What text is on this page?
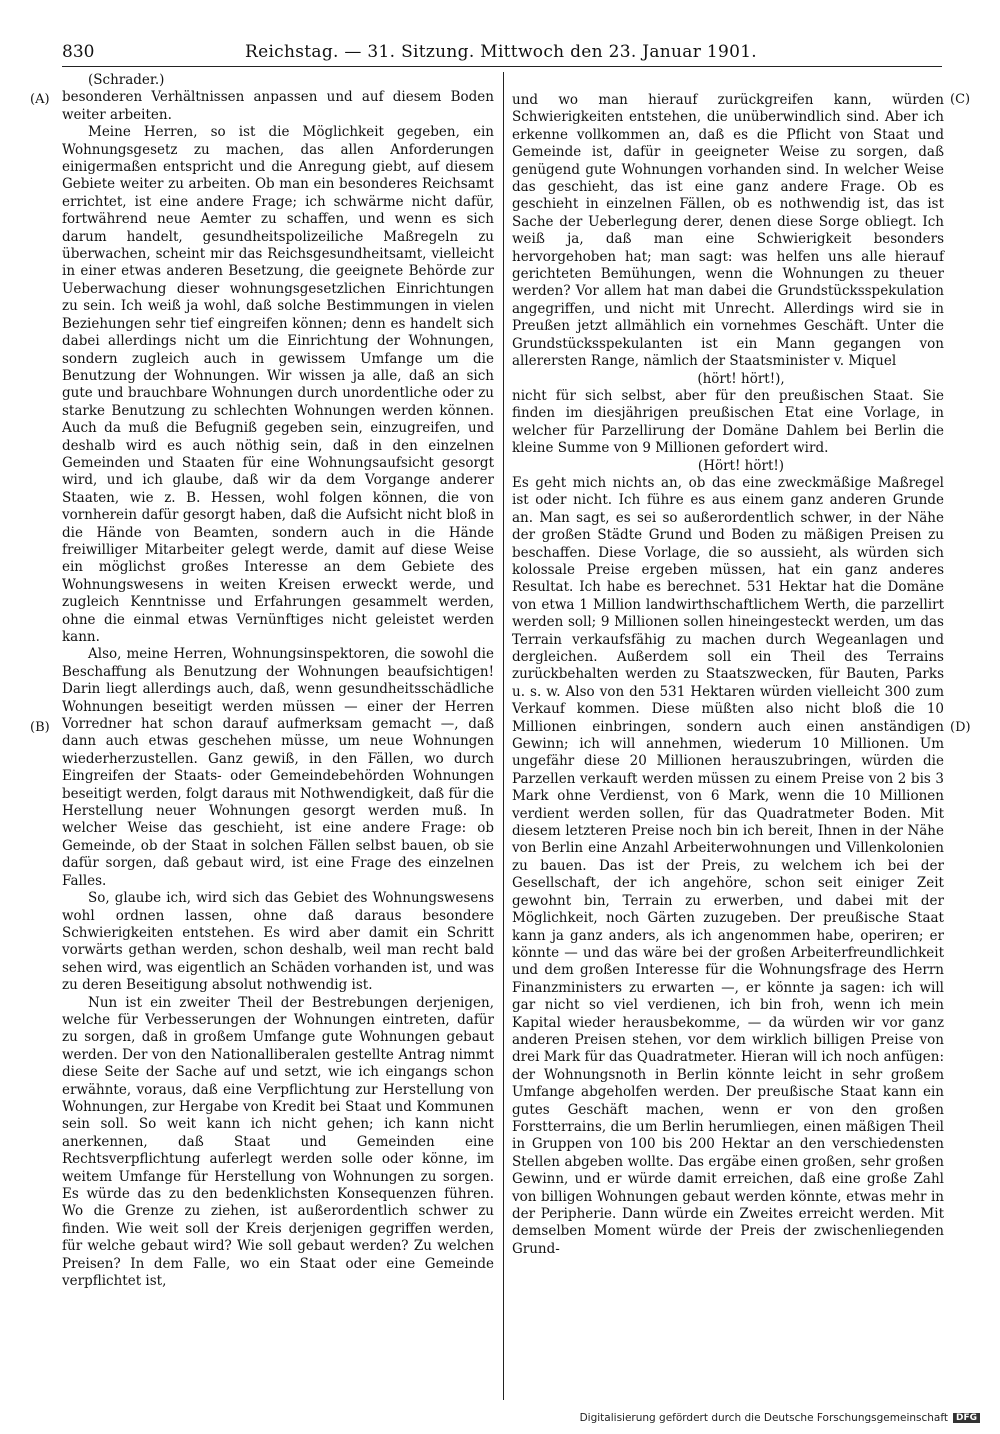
830	Reichstag. — 31. Sitzung. Mittwoch den 23. Januar 1901.
(A)
(B)
(C)
(D)

(Schrader.)

besonderen Verhältnissen anpassen und auf diesem Boden weiter arbeiten.

Meine Herren, so ist die Möglichkeit gegeben, ein Wohnungsgesetz zu machen, das allen Anforderungen einigermaßen entspricht und die Anregung giebt, auf diesem Gebiete weiter zu arbeiten. Ob man ein besonderes Reichsamt errichtet, ist eine andere Frage; ich schwärme nicht dafür, fortwährend neue Aemter zu schaffen, und wenn es sich darum handelt, gesundheitspolizeiliche Maßregeln zu überwachen, scheint mir das Reichsgesundheitsamt, vielleicht in einer etwas anderen Besetzung, die geeignete Behörde zur Ueberwachung dieser wohnungsgesetzlichen Einrichtungen zu sein. Ich weiß ja wohl, daß solche Bestimmungen in vielen Beziehungen sehr tief eingreifen können; denn es handelt sich dabei allerdings nicht um die Einrichtung der Wohnungen, sondern zugleich auch in gewissem Umfange um die Benutzung der Wohnungen. Wir wissen ja alle, daß an sich gute und brauchbare Wohnungen durch unordentliche oder zu starke Benutzung zu schlechten Wohnungen werden können. Auch da muß die Befugniß gegeben sein, einzugreifen, und deshalb wird es auch nöthig sein, daß in den einzelnen Gemeinden und Staaten für eine Wohnungsaufsicht gesorgt wird, und ich glaube, daß wir da dem Vorgange anderer Staaten, wie z. B. Hessen, wohl folgen können, die von vornherein dafür gesorgt haben, daß die Aufsicht nicht bloß in die Hände von Beamten, sondern auch in die Hände freiwilliger Mitarbeiter gelegt werde, damit auf diese Weise ein möglichst großes Interesse an dem Gebiete des Wohnungswesens in weiten Kreisen erweckt werde, und zugleich Kenntnisse und Erfahrungen gesammelt werden, ohne die einmal etwas Vernünftiges nicht geleistet werden kann.

Also, meine Herren, Wohnungsinspektoren, die sowohl die Beschaffung als Benutzung der Wohnungen beaufsichtigen! Darin liegt allerdings auch, daß, wenn gesundheitsschädliche Wohnungen beseitigt werden müssen — einer der Herren Vorredner hat schon darauf aufmerksam gemacht —, daß dann auch etwas geschehen müsse, um neue Wohnungen wiederherzustellen. Ganz gewiß, in den Fällen, wo durch Eingreifen der Staats- oder Gemeindebehörden Wohnungen beseitigt werden, folgt daraus mit Nothwendigkeit, daß für die Herstellung neuer Wohnungen gesorgt werden muß. In welcher Weise das geschieht, ist eine andere Frage: ob Gemeinde, ob der Staat in solchen Fällen selbst bauen, ob sie dafür sorgen, daß gebaut wird, ist eine Frage des einzelnen Falles.

So, glaube ich, wird sich das Gebiet des Wohnungswesens wohl ordnen lassen, ohne daß daraus besondere Schwierigkeiten entstehen. Es wird aber damit ein Schritt vorwärts gethan werden, schon deshalb, weil man recht bald sehen wird, was eigentlich an Schäden vorhanden ist, und was zu deren Beseitigung absolut nothwendig ist.

Nun ist ein zweiter Theil der Bestrebungen derjenigen, welche für Verbesserungen der Wohnungen eintreten, dafür zu sorgen, daß in großem Umfange gute Wohnungen gebaut werden. Der von den Nationalliberalen gestellte Antrag nimmt diese Seite der Sache auf und setzt, wie ich eingangs schon erwähnte, voraus, daß eine Verpflichtung zur Herstellung von Wohnungen, zur Hergabe von Kredit bei Staat und Kommunen sein soll. So weit kann ich nicht gehen; ich kann nicht anerkennen, daß Staat und Gemeinden eine Rechtsverpflichtung auferlegt werden solle oder könne, im weitem Umfange für Herstellung von Wohnungen zu sorgen. Es würde das zu den bedenklichsten Konsequenzen führen. Wo die Grenze zu ziehen, ist außerordentlich schwer zu finden. Wie weit soll der Kreis derjenigen gegriffen werden, für welche gebaut wird? Wie soll gebaut werden? Zu welchen Preisen? In dem Falle, wo ein Staat oder eine Gemeinde verpflichtet ist,

und wo man hierauf zurückgreifen kann, würden Schwierigkeiten entstehen, die unüberwindlich sind. Aber ich erkenne vollkommen an, daß es die Pflicht von Staat und Gemeinde ist, dafür in geeigneter Weise zu sorgen, daß genügend gute Wohnungen vorhanden sind. In welcher Weise das geschieht, das ist eine ganz andere Frage. Ob es geschieht in einzelnen Fällen, ob es nothwendig ist, das ist Sache der Ueberlegung derer, denen diese Sorge obliegt. Ich weiß ja, daß man eine Schwierigkeit besonders hervorgehoben hat; man sagt: was helfen uns alle hierauf gerichteten Bemühungen, wenn die Wohnungen zu theuer werden? Vor allem hat man dabei die Grundstücksspekulation angegriffen, und nicht mit Unrecht. Allerdings wird sie in Preußen jetzt allmählich ein vornehmes Geschäft. Unter die Grundstücksspekulanten ist ein Mann gegangen von allerersten Range, nämlich der Staatsminister v. Miquel

(hört! hört!),

nicht für sich selbst, aber für den preußischen Staat. Sie finden im diesjährigen preußischen Etat eine Vorlage, in welcher für Parzellirung der Domäne Dahlem bei Berlin die kleine Summe von 9 Millionen gefordert wird.

(Hört! hört!)

Es geht mich nichts an, ob das eine zweckmäßige Maßregel ist oder nicht. Ich führe es aus einem ganz anderen Grunde an. Man sagt, es sei so außerordentlich schwer, in der Nähe der großen Städte Grund und Boden zu mäßigen Preisen zu beschaffen. Diese Vorlage, die so aussieht, als würden sich kolossale Preise ergeben müssen, hat ein ganz anderes Resultat. Ich habe es berechnet. 531 Hektar hat die Domäne von etwa 1 Million landwirthschaftlichem Werth, die parzellirt werden soll; 9 Millionen sollen hineingesteckt werden, um das Terrain verkaufsfähig zu machen durch Wegeanlagen und dergleichen. Außerdem soll ein Theil des Terrains zurückbehalten werden zu Staatszwecken, für Bauten, Parks u. s. w. Also von den 531 Hektaren würden vielleicht 300 zum Verkauf kommen. Diese müßten also nicht bloß die 10 Millionen einbringen, sondern auch einen anständigen Gewinn; ich will annehmen, wiederum 10 Millionen. Um ungefähr diese 20 Millionen herauszubringen, würden die Parzellen verkauft werden müssen zu einem Preise von 2 bis 3 Mark ohne Verdienst, von 6 Mark, wenn die 10 Millionen verdient werden sollen, für das Quadratmeter Boden. Mit diesem letzteren Preise noch bin ich bereit, Ihnen in der Nähe von Berlin eine Anzahl Arbeiterwohnungen und Villenkolonien zu bauen. Das ist der Preis, zu welchem ich bei der Gesellschaft, der ich angehöre, schon seit einiger Zeit gewohnt bin, Terrain zu erwerben, und dabei mit der Möglichkeit, noch Gärten zuzugeben. Der preußische Staat kann ja ganz anders, als ich angenommen habe, operiren; er könnte — und das wäre bei der großen Arbeiterfreundlichkeit und dem großen Interesse für die Wohnungsfrage des Herrn Finanzministers zu erwarten —, er könnte ja sagen: ich will gar nicht so viel verdienen, ich bin froh, wenn ich mein Kapital wieder herausbekomme, — da würden wir vor ganz anderen Preisen stehen, vor dem wirklich billigen Preise von drei Mark für das Quadratmeter. Hieran will ich noch anfügen: der Wohnungsnoth in Berlin könnte leicht in sehr großem Umfange abgeholfen werden. Der preußische Staat kann ein gutes Geschäft machen, wenn er von den großen Forstterrains, die um Berlin herumliegen, einen mäßigen Theil in Gruppen von 100 bis 200 Hektar an den verschiedensten Stellen abgeben wollte. Das ergäbe einen großen, sehr großen Gewinn, und er würde damit erreichen, daß eine große Zahl von billigen Wohnungen gebaut werden könnte, etwas mehr in der Peripherie. Dann würde ein Zweites erreicht werden. Mit demselben Moment würde der Preis der zwischenliegenden Grund-

Digitalisierung gefördert durch die Deutsche Forschungsgemeinschaft DFG
